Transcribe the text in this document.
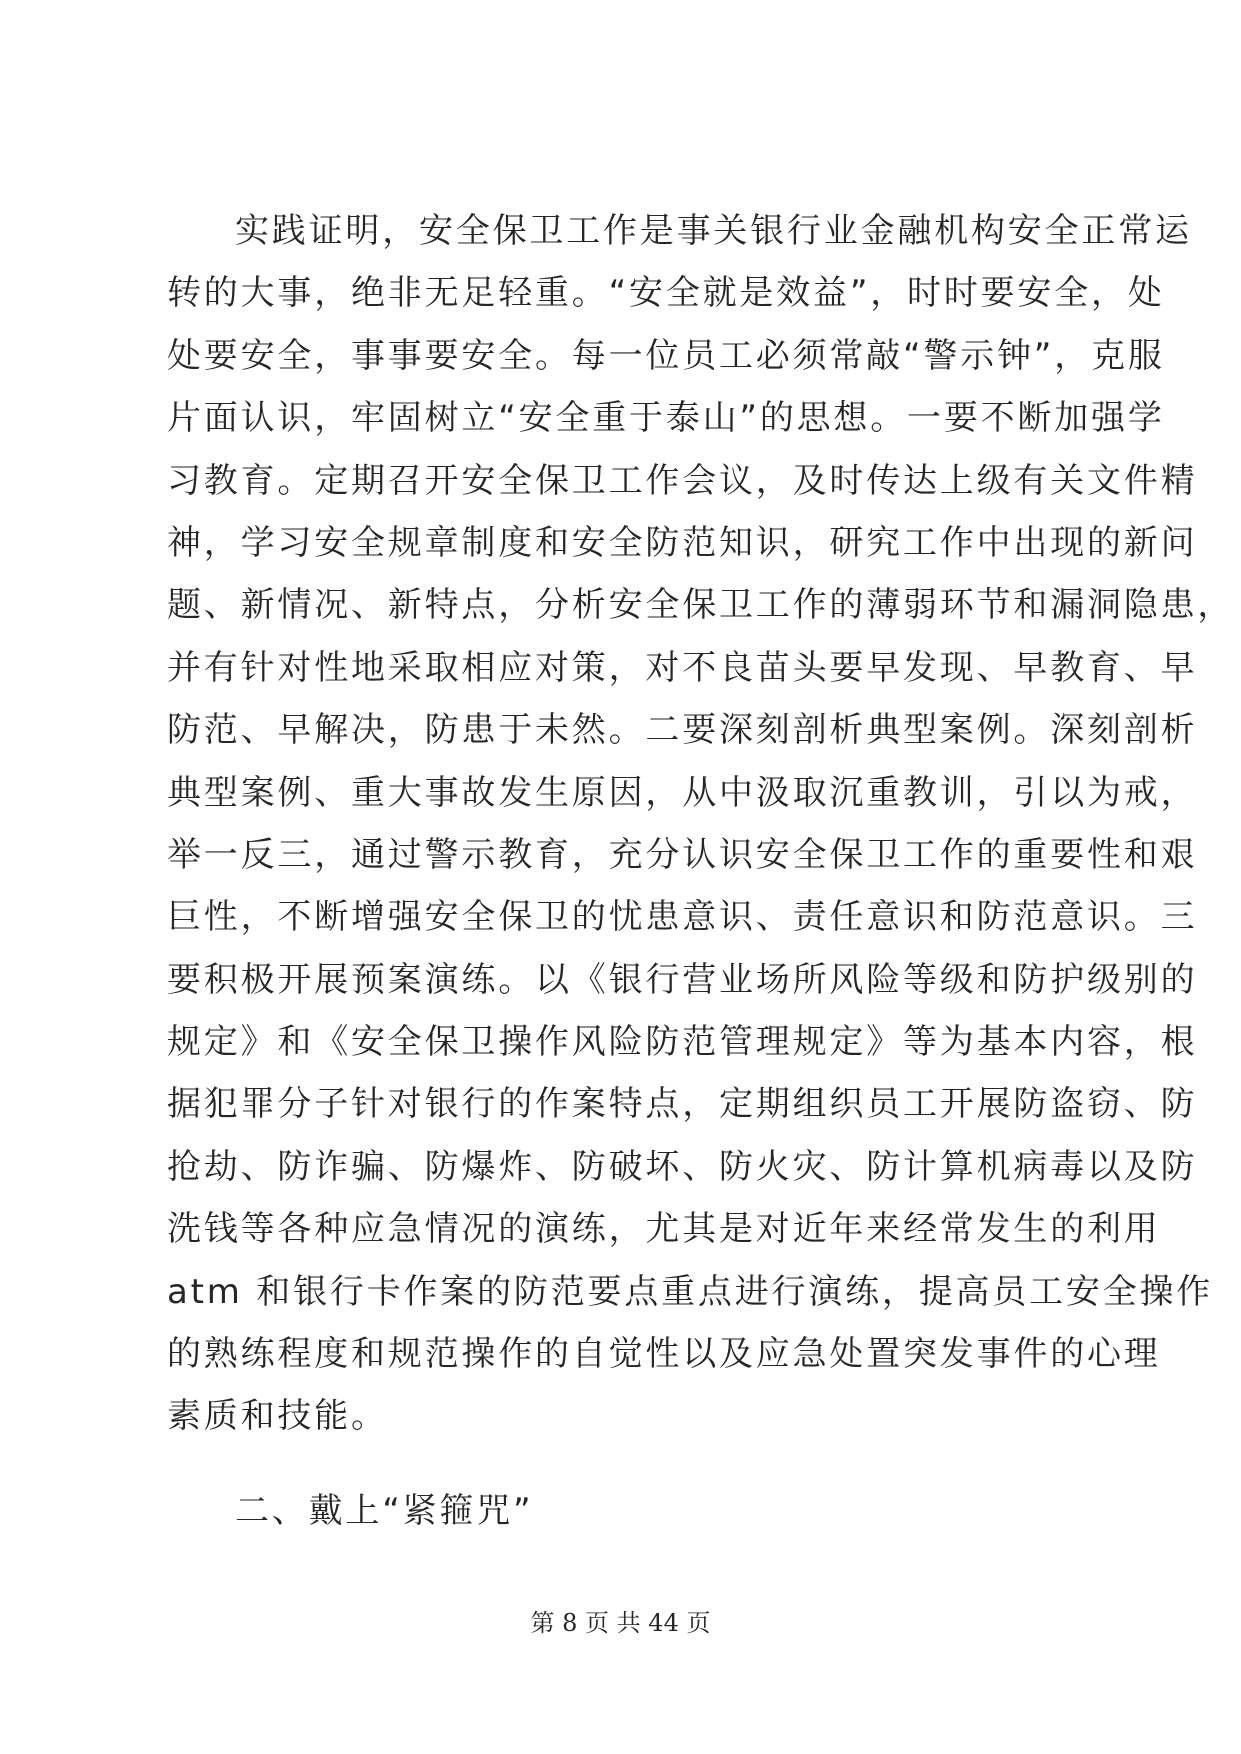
实践证明，安全保卫工作是事关银行业金融机构安全正常运
转的大事，绝非无足轻重。“安全就是效益”，时时要安全，处
处要安全，事事要安全。每一位员工必须常敲“警示钟”，克服
片面认识，牢固树立“安全重于泰山”的思想。一要不断加强学
习教育。定期召开安全保卫工作会议，及时传达上级有关文件精
神，学习安全规章制度和安全防范知识，研究工作中出现的新问
题、新情况、新特点，分析安全保卫工作的薄弱环节和漏洞隐患，
并有针对性地采取相应对策，对不良苗头要早发现、早教育、早
防范、早解决，防患于未然。二要深刻剖析典型案例。深刻剖析
典型案例、重大事故发生原因，从中汲取沉重教训，引以为戒，
举一反三，通过警示教育，充分认识安全保卫工作的重要性和艰
巨性，不断增强安全保卫的忧患意识、责任意识和防范意识。三
要积极开展预案演练。以《银行营业场所风险等级和防护级别的
规定》和《安全保卫操作风险防范管理规定》等为基本内容，根
据犯罪分子针对银行的作案特点，定期组织员工开展防盗窃、防
抢劫、防诈骗、防爆炸、防破坏、防火灾、防计算机病毒以及防
洗钱等各种应急情况的演练，尤其是对近年来经常发生的利用
atm 和银行卡作案的防范要点重点进行演练，提高员工安全操作
的熟练程度和规范操作的自觉性以及应急处置突发事件的心理
素质和技能。
二、戴上“紧箍咒”
第 8 页 共 44 页
